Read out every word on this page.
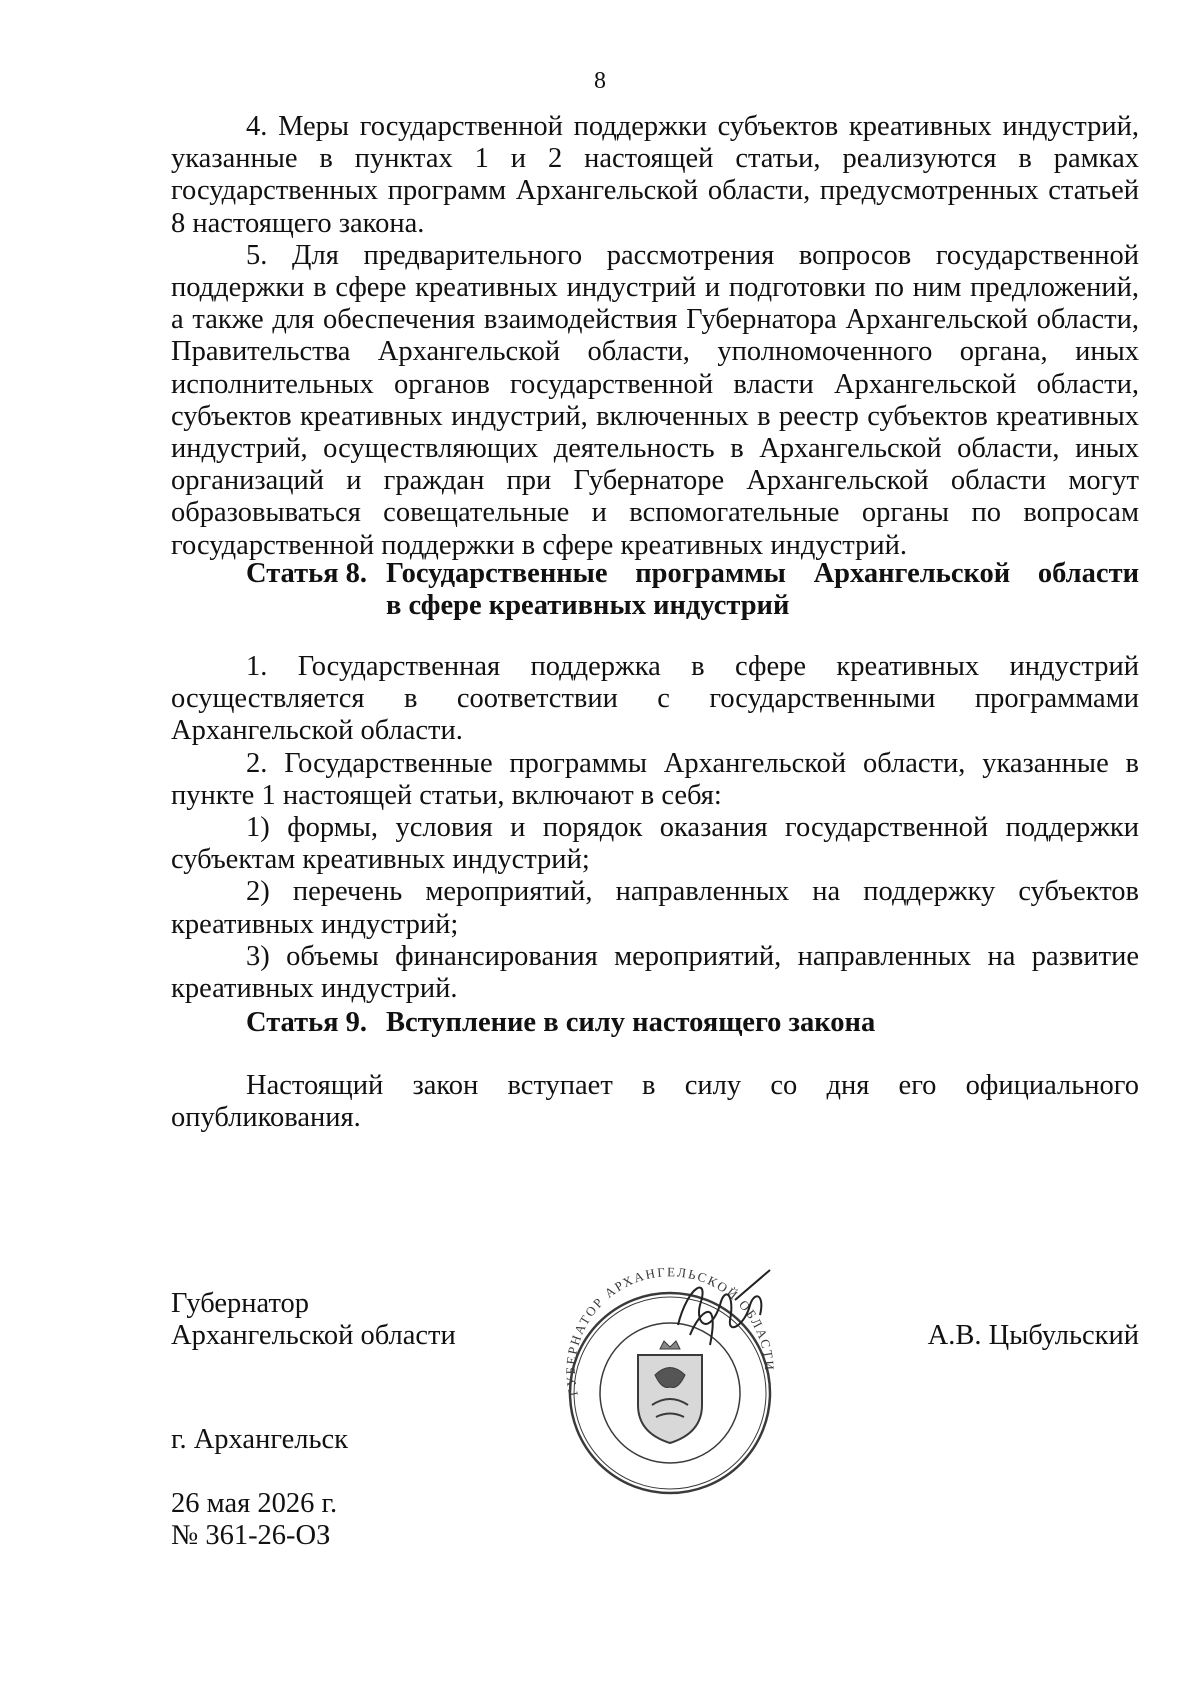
8

4. Меры государственной поддержки субъектов креативных индустрий, указанные в пунктах 1 и 2 настоящей статьи, реализуются в рамках государственных программ Архангельской области, предусмотренных статьей 8 настоящего закона.

5. Для предварительного рассмотрения вопросов государственной поддержки в сфере креативных индустрий и подготовки по ним предложений, а также для обеспечения взаимодействия Губернатора Архангельской области, Правительства Архангельской области, уполномоченного органа, иных исполнительных органов государственной власти Архангельской области, субъектов креативных индустрий, включенных в реестр субъектов креативных индустрий, осуществляющих деятельность в Архангельской области, иных организаций и граждан при Губернаторе Архангельской области могут образовываться совещательные и вспомогательные органы по вопросам государственной поддержки в сфере креативных индустрий.

Статья 8. Государственные программы Архангельской области
в сфере креативных индустрий

1. Государственная поддержка в сфере креативных индустрий осуществляется в соответствии с государственными программами Архангельской области.

2. Государственные программы Архангельской области, указанные в пункте 1 настоящей статьи, включают в себя:

1) формы, условия и порядок оказания государственной поддержки субъектам креативных индустрий;

2) перечень мероприятий, направленных на поддержку субъектов креативных индустрий;

3) объемы финансирования мероприятий, направленных на развитие креативных индустрий.

Статья 9. Вступление в силу настоящего закона

Настоящий закон вступает в силу со дня его официального опубликования.

Губернатор
Архангельской области	А.В. Цыбульский
г. Архангельск
26 мая 2026 г.
№ 361-26-ОЗ
ГУБЕРНАТОР АРХАНГЕЛЬСКОЙ ОБЛАСТИ
